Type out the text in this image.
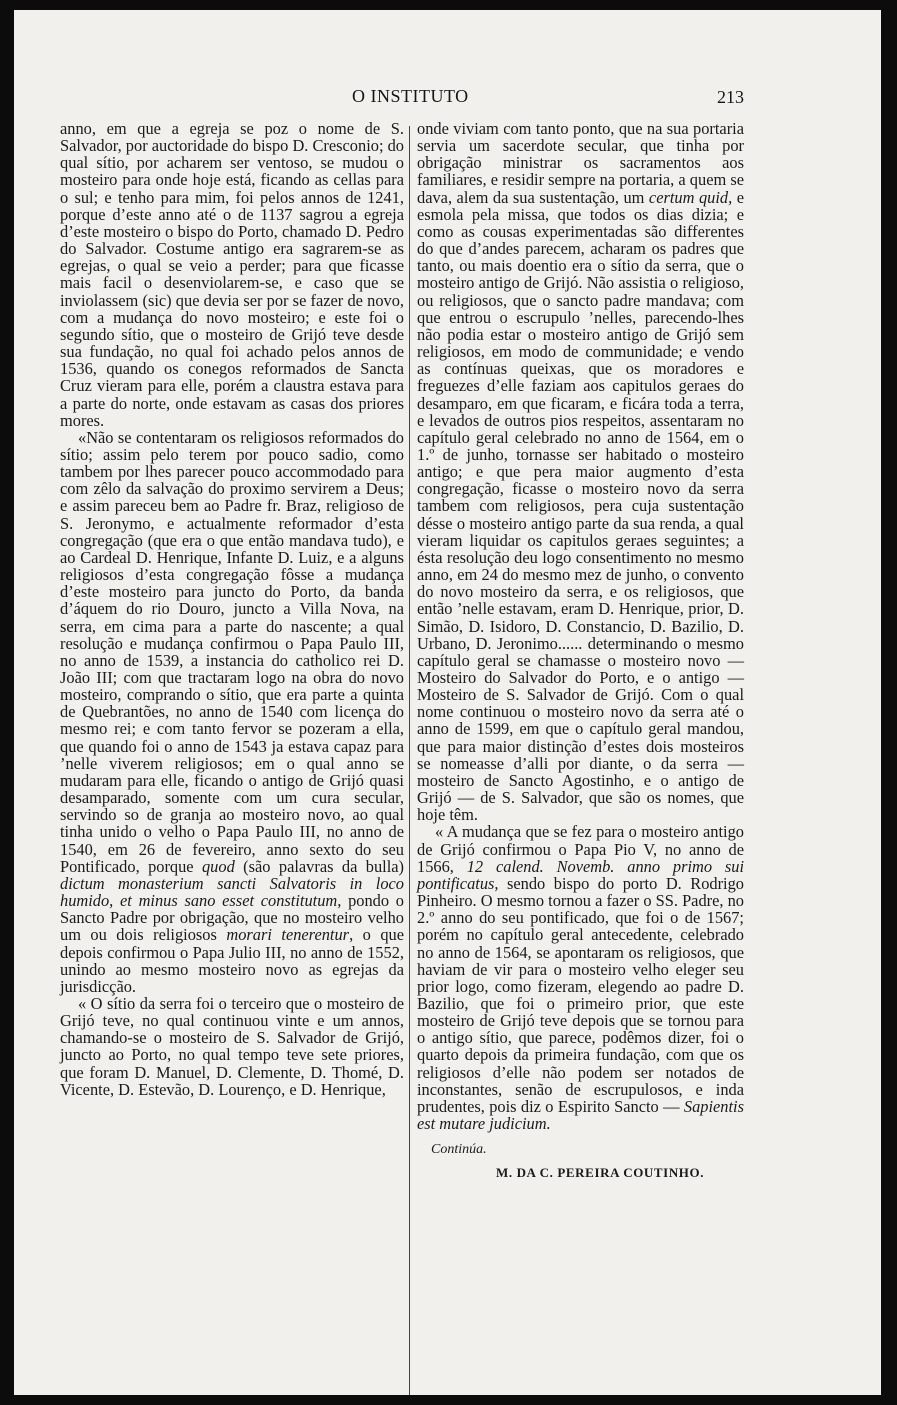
O INSTITUTO	213

anno, em que a egreja se poz o nome de S. Salvador, por auctoridade do bispo D. Cresconio; do qual sítio, por acharem ser ventoso, se mudou o mosteiro para onde hoje está, ficando as cellas para o sul; e tenho para mim, foi pelos annos de 1241, porque d’este anno até o de 1137 sagrou a egreja d’este mosteiro o bispo do Porto, chamado D. Pedro do Salvador. Costume antigo era sagrarem-se as egrejas, o qual se veio a perder; para que ficasse mais facil o desenviolarem-se, e caso que se inviolassem (sic) que devia ser por se fazer de novo, com a mudança do novo mosteiro; e este foi o segundo sítio, que o mosteiro de Grijó teve desde sua fundação, no qual foi achado pelos annos de 1536, quando os conegos reformados de Sancta Cruz vieram para elle, porém a claustra estava para a parte do norte, onde estavam as casas dos priores mores.

«Não se contentaram os religiosos reformados do sítio; assim pelo terem por pouco sadio, como tambem por lhes parecer pouco accommodado para com zêlo da salvação do proximo servirem a Deus; e assim pareceu bem ao Padre fr. Braz, religioso de S. Jeronymo, e actualmente reformador d’esta congregação (que era o que então mandava tudo), e ao Cardeal D. Henrique, Infante D. Luiz, e a alguns religiosos d’esta congregação fôsse a mudança d’este mosteiro para juncto do Porto, da banda d’áquem do rio Douro, juncto a Villa Nova, na serra, em cima para a parte do nascente; a qual resolução e mudança confirmou o Papa Paulo III, no anno de 1539, a instancia do catholico rei D. João III; com que tractaram logo na obra do novo mosteiro, comprando o sítio, que era parte a quinta de Quebrantões, no anno de 1540 com licença do mesmo rei; e com tanto fervor se pozeram a ella, que quando foi o anno de 1543 ja estava capaz para ’nelle viverem religiosos; em o qual anno se mudaram para elle, ficando o antigo de Grijó quasi desamparado, somente com um cura secular, servindo so de granja ao mosteiro novo, ao qual tinha unido o velho o Papa Paulo III, no anno de 1540, em 26 de fevereiro, anno sexto do seu Pontificado, porque quod (são palavras da bulla) dictum monasterium sancti Salvatoris in loco humido, et minus sano esset constitutum, pondo o Sancto Padre por obrigação, que no mosteiro velho um ou dois religiosos morari tenerentur, o que depois confirmou o Papa Julio III, no anno de 1552, unindo ao mesmo mosteiro novo as egrejas da jurisdicção.

« O sítio da serra foi o terceiro que o mosteiro de Grijó teve, no qual continuou vinte e um annos, chamando-se o mosteiro de S. Salvador de Grijó, juncto ao Porto, no qual tempo teve sete priores, que foram D. Manuel, D. Clemente, D. Thomé, D. Vicente, D. Estevão, D. Lourenço, e D. Henrique,

onde viviam com tanto ponto, que na sua portaria servia um sacerdote secular, que tinha por obrigação ministrar os sacramentos aos familiares, e residir sempre na portaria, a quem se dava, alem da sua sustentação, um certum quid, e esmola pela missa, que todos os dias dizia; e como as cousas experimentadas são differentes do que d’andes parecem, acharam os padres que tanto, ou mais doentio era o sítio da serra, que o mosteiro antigo de Grijó. Não assistia o religioso, ou religiosos, que o sancto padre mandava; com que entrou o escrupulo ’nelles, parecendo-lhes não podia estar o mosteiro antigo de Grijó sem religiosos, em modo de communidade; e vendo as contínuas queixas, que os moradores e freguezes d’elle faziam aos capitulos geraes do desamparo, em que ficaram, e ficára toda a terra, e levados de outros pios respeitos, assentaram no capítulo geral celebrado no anno de 1564, em o 1.º de junho, tornasse ser habitado o mosteiro antigo; e que pera maior augmento d’esta congregação, ficasse o mosteiro novo da serra tambem com religiosos, pera cuja sustentação désse o mosteiro antigo parte da sua renda, a qual vieram liquidar os capitulos geraes seguintes; a ésta resolução deu logo consentimento no mesmo anno, em 24 do mesmo mez de junho, o convento do novo mosteiro da serra, e os religiosos, que então ’nelle estavam, eram D. Henrique, prior, D. Simão, D. Isidoro, D. Constancio, D. Bazilio, D. Urbano, D. Jeronimo...... determinando o mesmo capítulo geral se chamasse o mosteiro novo — Mosteiro do Salvador do Porto, e o antigo — Mosteiro de S. Salvador de Grijó. Com o qual nome continuou o mosteiro novo da serra até o anno de 1599, em que o capítulo geral mandou, que para maior distinção d’estes dois mosteiros se nomeasse d’alli por diante, o da serra — mosteiro de Sancto Agostinho, e o antigo de Grijó — de S. Salvador, que são os nomes, que hoje têm.

« A mudança que se fez para o mosteiro antigo de Grijó confirmou o Papa Pio V, no anno de 1566, 12 calend. Novemb. anno primo sui pontificatus, sendo bispo do porto D. Rodrigo Pinheiro. O mesmo tornou a fazer o SS. Padre, no 2.º anno do seu pontificado, que foi o de 1567; porém no capítulo geral antecedente, celebrado no anno de 1564, se apontaram os religiosos, que haviam de vir para o mosteiro velho eleger seu prior logo, como fizeram, elegendo ao padre D. Bazilio, que foi o primeiro prior, que este mosteiro de Grijó teve depois que se tornou para o antigo sítio, que parece, podêmos dizer, foi o quarto depois da primeira fundação, com que os religiosos d’elle não podem ser notados de inconstantes, senão de escrupulosos, e inda prudentes, pois diz o Espirito Sancto — Sapientis est mutare judicium.

Continúa.
M. DA C. PEREIRA COUTINHO.
